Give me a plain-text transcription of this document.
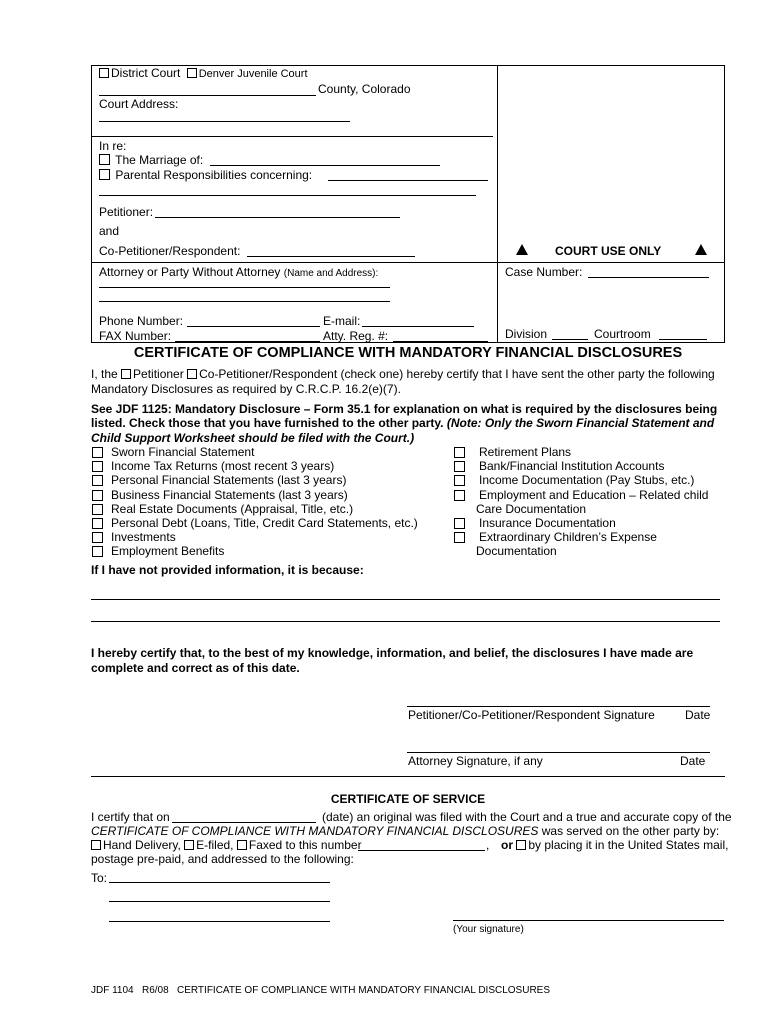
District Court Denver Juvenile Court
County, Colorado
Court Address:
In re:
The Marriage of:
Parental Responsibilities concerning:
Petitioner:
and
Co-Petitioner/Respondent:
Attorney or Party Without Attorney (Name and Address):
Phone Number:	E-mail:
FAX Number:	Atty. Reg. #:
COURT USE ONLY
Case Number:
Division	Courtroom
CERTIFICATE OF COMPLIANCE WITH MANDATORY FINANCIAL DISCLOSURES
I, the Petitioner Co-Petitioner/Respondent (check one) hereby certify that I have sent the other party the following
Mandatory Disclosures as required by C.R.C.P. 16.2(e)(7).
See JDF 1125: Mandatory Disclosure – Form 35.1 for explanation on what is required by the disclosures being
listed. Check those that you have furnished to the other party. (Note: Only the Sworn Financial Statement and
Child Support Worksheet should be filed with the Court.)
Sworn Financial Statement
Income Tax Returns (most recent 3 years)
Personal Financial Statements (last 3 years)
Business Financial Statements (last 3 years)
Real Estate Documents (Appraisal, Title, etc.)
Personal Debt (Loans, Title, Credit Card Statements, etc.)
Investments
Employment Benefits
Retirement Plans
Bank/Financial Institution Accounts
Income Documentation (Pay Stubs, etc.)
Employment and Education – Related child
Care Documentation
Insurance Documentation
Extraordinary Children’s Expense
Documentation
If I have not provided information, it is because:
I hereby certify that, to the best of my knowledge, information, and belief, the disclosures I have made are
complete and correct as of this date.
Petitioner/Co-Petitioner/Respondent Signature	Date
Attorney Signature, if any	Date
CERTIFICATE OF SERVICE
I certify that on	(date) an original was filed with the Court and a true and accurate copy of the
CERTIFICATE OF COMPLIANCE WITH MANDATORY FINANCIAL DISCLOSURES was served on the other party by:
Hand Delivery, E-filed, Faxed to this number	, or by placing it in the United States mail,
postage pre-paid, and addressed to the following:
To:
(Your signature)
JDF 1104 R6/08 CERTIFICATE OF COMPLIANCE WITH MANDATORY FINANCIAL DISCLOSURES
